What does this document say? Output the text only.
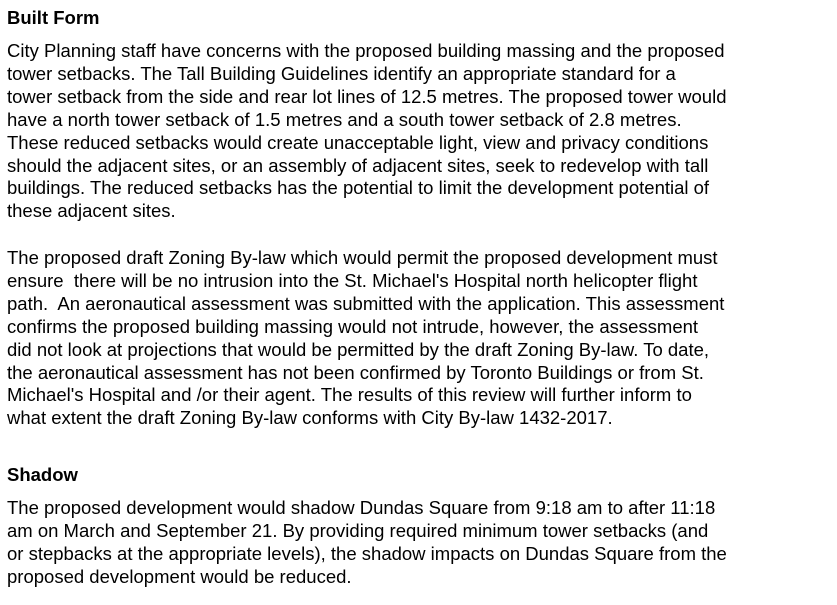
Built Form
City Planning staff have concerns with the proposed building massing and the proposed
tower setbacks. The Tall Building Guidelines identify an appropriate standard for a
tower setback from the side and rear lot lines of 12.5 metres. The proposed tower would
have a north tower setback of 1.5 metres and a south tower setback of 2.8 metres.
These reduced setbacks would create unacceptable light, view and privacy conditions
should the adjacent sites, or an assembly of adjacent sites, seek to redevelop with tall
buildings. The reduced setbacks has the potential to limit the development potential of
these adjacent sites.
The proposed draft Zoning By-law which would permit the proposed development must
ensure  there will be no intrusion into the St. Michael's Hospital north helicopter flight
path.  An aeronautical assessment was submitted with the application. This assessment
confirms the proposed building massing would not intrude, however, the assessment
did not look at projections that would be permitted by the draft Zoning By-law. To date,
the aeronautical assessment has not been confirmed by Toronto Buildings or from St.
Michael's Hospital and /or their agent. The results of this review will further inform to
what extent the draft Zoning By-law conforms with City By-law 1432-2017.
Shadow
The proposed development would shadow Dundas Square from 9:18 am to after 11:18
am on March and September 21. By providing required minimum tower setbacks (and
or stepbacks at the appropriate levels), the shadow impacts on Dundas Square from the
proposed development would be reduced.
